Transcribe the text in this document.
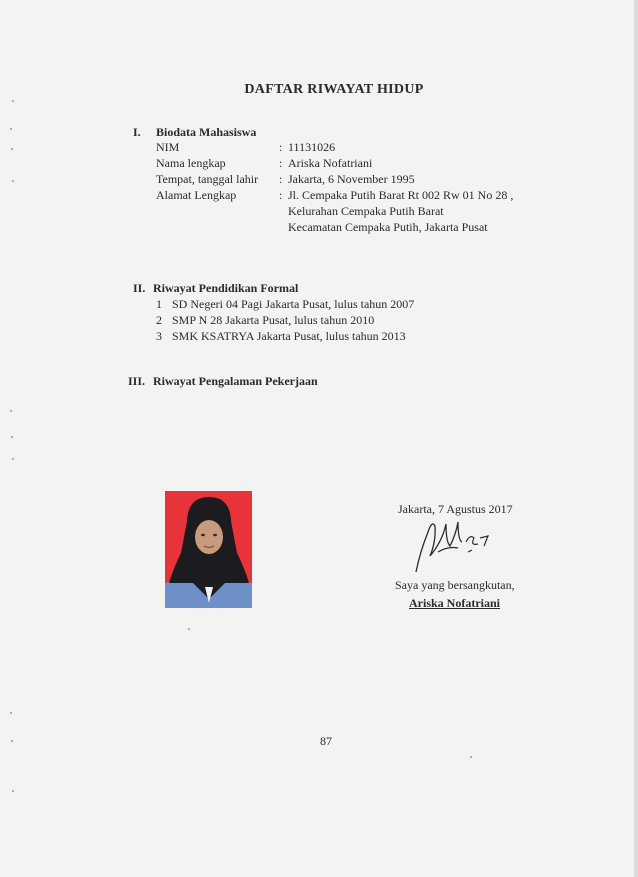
DAFTAR RIWAYAT HIDUP
I. Biodata Mahasiswa
NIM	: 11131026
Nama lengkap	: Ariska Nofatriani
Tempat, tanggal lahir : Jakarta, 6 November 1995
Alamat Lengkap	: Jl. Cempaka Putih Barat Rt 002 Rw 01 No 28 ,
Kelurahan Cempaka Putih Barat
Kecamatan Cempaka Putih, Jakarta Pusat
II. Riwayat Pendidikan Formal
1 SD Negeri 04 Pagi Jakarta Pusat, lulus tahun 2007
2 SMP N 28 Jakarta Pusat, lulus tahun 2010
3 SMK KSATRYA Jakarta Pusat, lulus tahun 2013
III. Riwayat Pengalaman Pekerjaan
Jakarta, 7 Agustus 2017
Saya yang bersangkutan,
Ariska Nofatriani
87
